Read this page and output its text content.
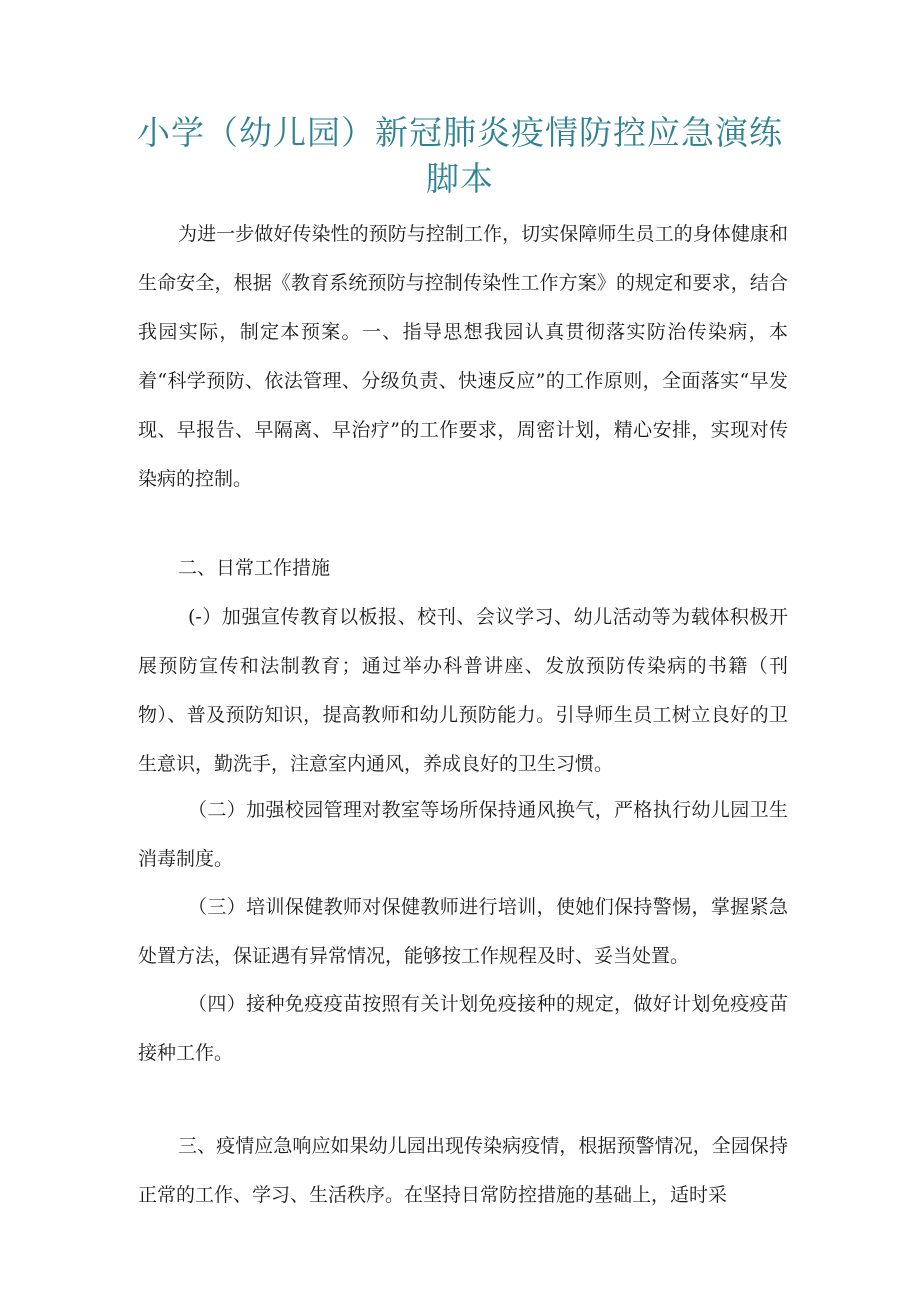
小学（幼儿园）新冠肺炎疫情防控应急演练
脚本

为进一步做好传染性的预防与控制工作，切实保障师生员工的身体健康和生命安全，根据《教育系统预防与控制传染性工作方案》的规定和要求，结合我园实际，制定本预案。一、指导思想我园认真贯彻落实防治传染病，本着“科学预防、依法管理、分级负责、快速反应”的工作原则，全面落实“早发现、早报告、早隔离、早治疗”的工作要求，周密计划，精心安排，实现对传染病的控制。

二、日常工作措施

(-）加强宣传教育以板报、校刊、会议学习、幼儿活动等为载体积极开展预防宣传和法制教育；通过举办科普讲座、发放预防传染病的书籍（刊物）、普及预防知识，提高教师和幼儿预防能力。引导师生员工树立良好的卫生意识，勤洗手，注意室内通风，养成良好的卫生习惯。

（二）加强校园管理对教室等场所保持通风换气，严格执行幼儿园卫生消毒制度。

（三）培训保健教师对保健教师进行培训，使她们保持警惕，掌握紧急处置方法，保证遇有异常情况，能够按工作规程及时、妥当处置。

（四）接种免疫疫苗按照有关计划免疫接种的规定，做好计划免疫疫苗接种工作。

三、疫情应急响应如果幼儿园出现传染病疫情，根据预警情况，全园保持正常的工作、学习、生活秩序。在坚持日常防控措施的基础上，适时采
